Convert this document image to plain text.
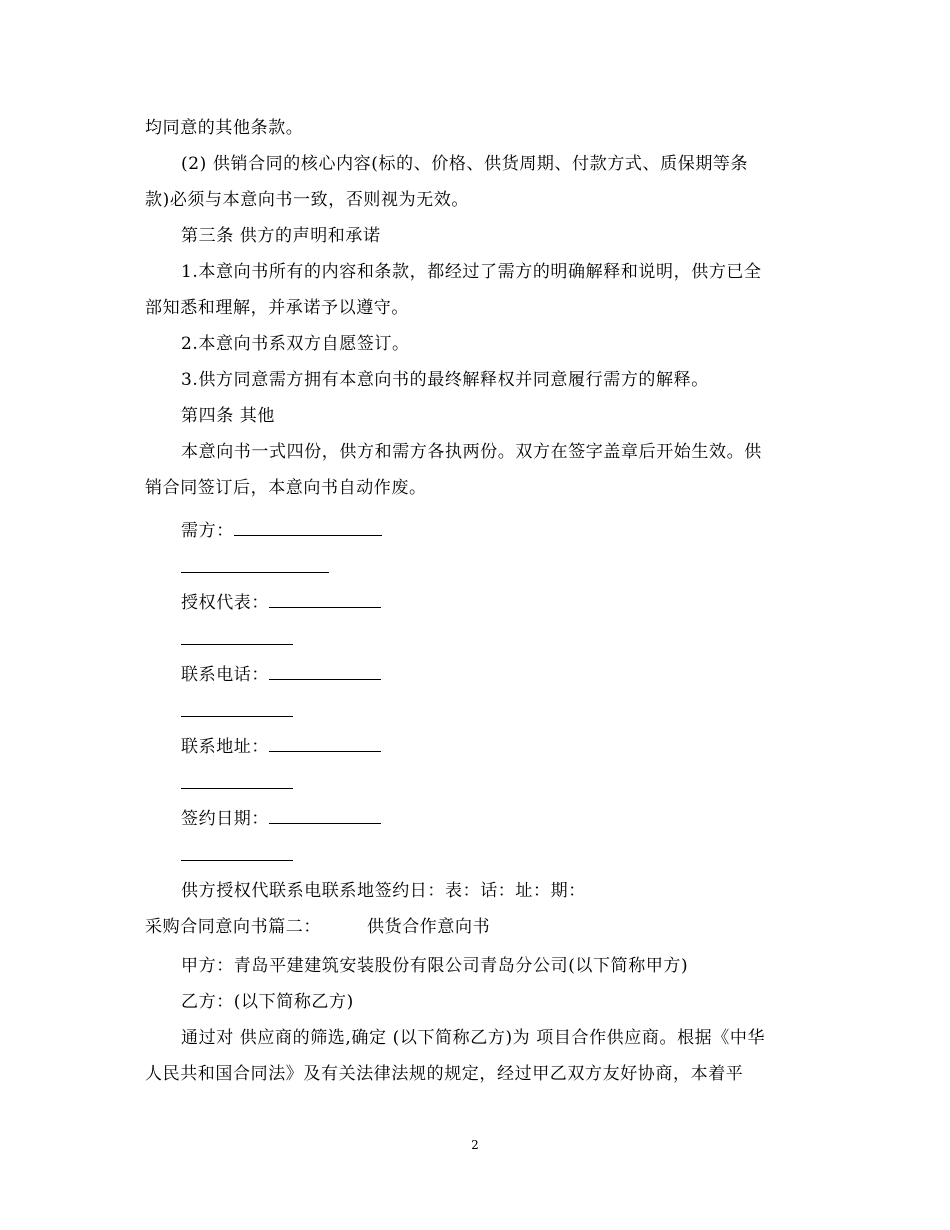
均同意的其他条款。
(2) 供销合同的核心内容(标的、价格、供货周期、付款方式、质保期等条
款)必须与本意向书一致，否则视为无效。
第三条 供方的声明和承诺
1.本意向书所有的内容和条款，都经过了需方的明确解释和说明，供方已全
部知悉和理解，并承诺予以遵守。
2.本意向书系双方自愿签订。
3.供方同意需方拥有本意向书的最终解释权并同意履行需方的解释。
第四条 其他
本意向书一式四份，供方和需方各执两份。双方在签字盖章后开始生效。供
销合同签订后，本意向书自动作废。
需方：
授权代表：
联系电话：
联系地址：
签约日期：
供方授权代联系电联系地签约日：表：话：址：期：
采购合同意向书篇二：	供货合作意向书
甲方：青岛平建建筑安装股份有限公司青岛分公司(以下简称甲方)
乙方：(以下简称乙方)
通过对 供应商的筛选,确定 (以下简称乙方)为 项目合作供应商。根据《中华
人民共和国合同法》及有关法律法规的规定，经过甲乙双方友好协商，本着平
2
